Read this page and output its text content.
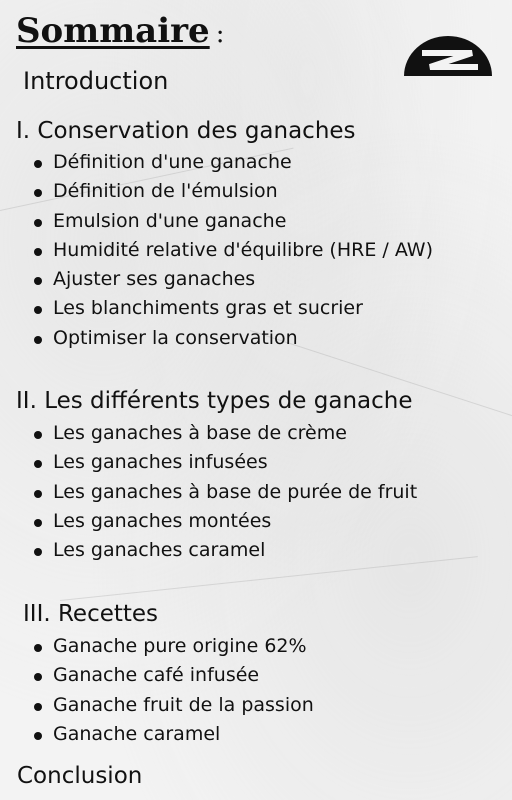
Sommaire :

Introduction

I. Conservation des ganaches
Définition d'une ganache
Définition de l'émulsion
Emulsion d'une ganache
Humidité relative d'équilibre (HRE / AW)
Ajuster ses ganaches
Les blanchiments gras et sucrier
Optimiser la conservation
II. Les différents types de ganache
Les ganaches à base de crème
Les ganaches infusées
Les ganaches à base de purée de fruit
Les ganaches montées
Les ganaches caramel
III. Recettes
Ganache pure origine 62%
Ganache café infusée
Ganache fruit de la passion
Ganache caramel

Conclusion
